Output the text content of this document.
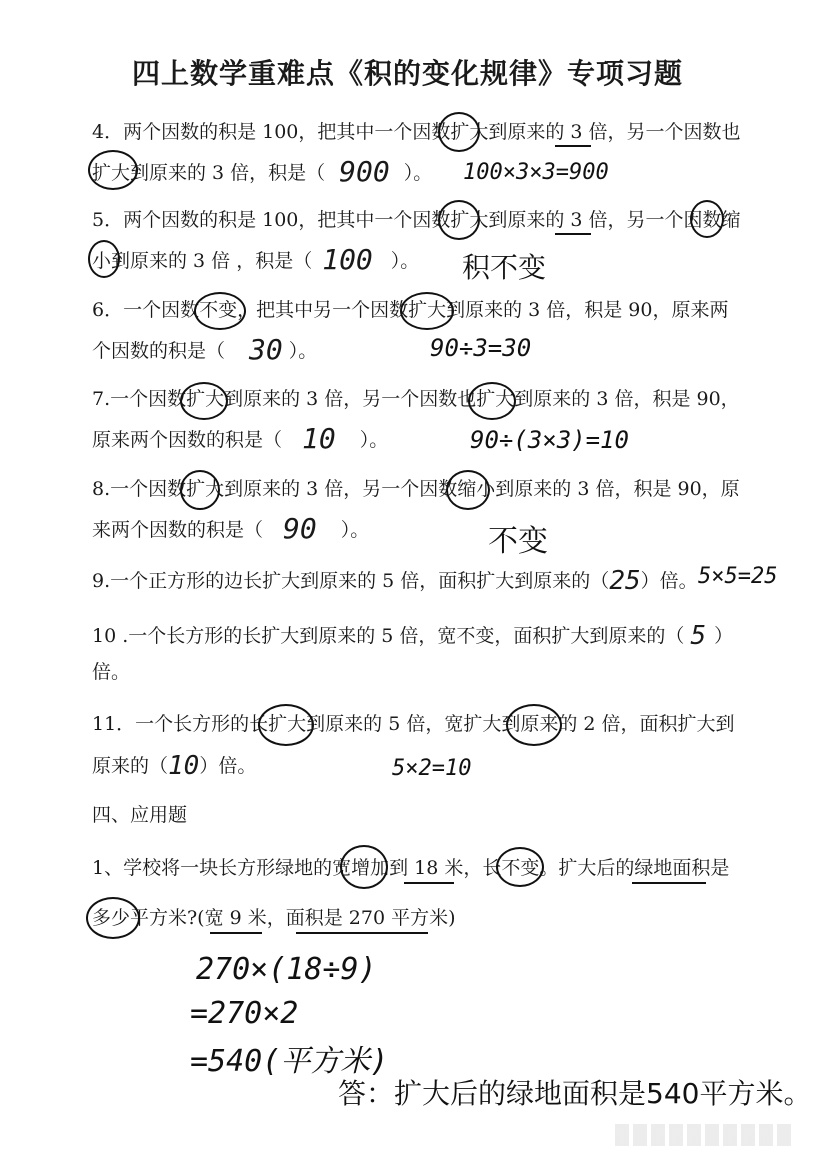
四上数学重难点《积的变化规律》专项习题
4．两个因数的积是 100，把其中一个因数扩大到原来的 3 倍，另一个因数也
扩大到原来的 3 倍，积是（ 900 ）。 100×3×3=900
5．两个因数的积是 100，把其中一个因数扩大到原来的 3 倍，另一个因数缩
小到原来的 3 倍 ，积是（ 100 ）。 积不变
6．一个因数不变，把其中另一个因数扩大到原来的 3 倍，积是 90，原来两
个因数的积是（ 30 ）。	90÷3=30
7.一个因数扩大到原来的 3 倍，另一个因数也扩大到原来的 3 倍，积是 90，
原来两个因数的积是（ 10 ）。	90÷(3×3)=10
8.一个因数扩大到原来的 3 倍，另一个因数缩小到原来的 3 倍，积是 90，原
来两个因数的积是（ 90 ）。	不变
9.一个正方形的边长扩大到原来的 5 倍，面积扩大到原来的（25）倍。 5×5=25
10 .一个长方形的长扩大到原来的 5 倍，宽不变，面积扩大到原来的（ 5 ）
倍。
11．一个长方形的长扩大到原来的 5 倍，宽扩大到原来的 2 倍，面积扩大到
原来的（10）倍。	5×2=10
四、应用题
1、学校将一块长方形绿地的宽增加到 18 米，长不变。扩大后的绿地面积是
多少平方米?(宽 9 米，面积是 270 平方米)
270×(18÷9)
=270×2
=540(平方米)
答：扩大后的绿地面积是540平方米。
